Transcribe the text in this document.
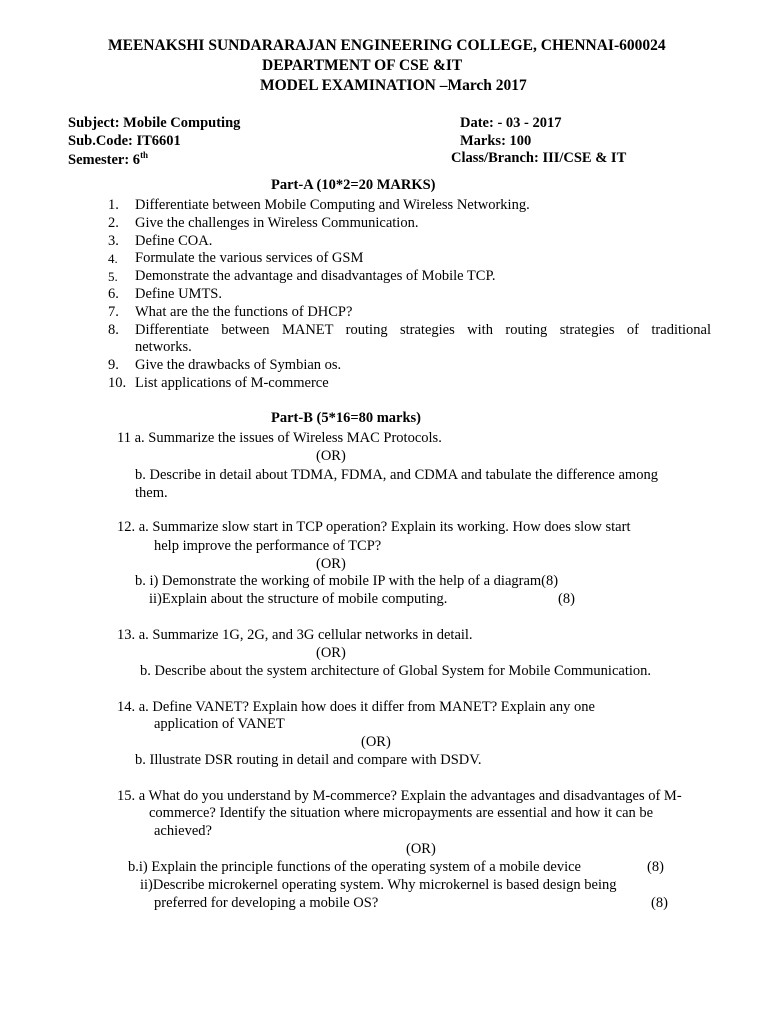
MEENAKSHI SUNDARARAJAN ENGINEERING COLLEGE, CHENNAI-600024
DEPARTMENT OF CSE &IT
MODEL EXAMINATION –March 2017
Subject: Mobile Computing
Sub.Code: IT6601
Semester: 6th
Date: - 03 - 2017
Marks: 100
Class/Branch: III/CSE & IT
Part-A (10*2=20 MARKS)
1.	Differentiate between Mobile Computing and Wireless Networking.
2.	Give the challenges in Wireless Communication.
3.	Define COA.
4.	Formulate the various services of GSM
5.	Demonstrate the advantage and disadvantages of Mobile TCP.
6.	Define UMTS.
7.	What are the the functions of DHCP?
8.	Differentiate between MANET routing strategies with routing strategies of traditional
networks.
9.	Give the drawbacks of Symbian os.
10. List applications of M-commerce
Part-B (5*16=80 marks)
11 a. Summarize the issues of Wireless MAC Protocols.
(OR)
b. Describe in detail about TDMA, FDMA, and CDMA and tabulate the difference among
them.
12. a. Summarize slow start in TCP operation? Explain its working. How does slow start
help improve the performance of TCP?
(OR)
b. i) Demonstrate the working of mobile IP with the help of a diagram(8)
ii)Explain about the structure of mobile computing.	(8)
13. a. Summarize 1G, 2G, and 3G cellular networks in detail.
(OR)
b. Describe about the system architecture of Global System for Mobile Communication.
14. a. Define VANET? Explain how does it differ from MANET? Explain any one
application of VANET
(OR)
b. Illustrate DSR routing in detail and compare with DSDV.
15. a What do you understand by M-commerce? Explain the advantages and disadvantages of M-
commerce? Identify the situation where micropayments are essential and how it can be
achieved?
(OR)
b.i) Explain the principle functions of the operating system of a mobile device	(8)
ii)Describe microkernel operating system. Why microkernel is based design being
preferred for developing a mobile OS?	(8)
